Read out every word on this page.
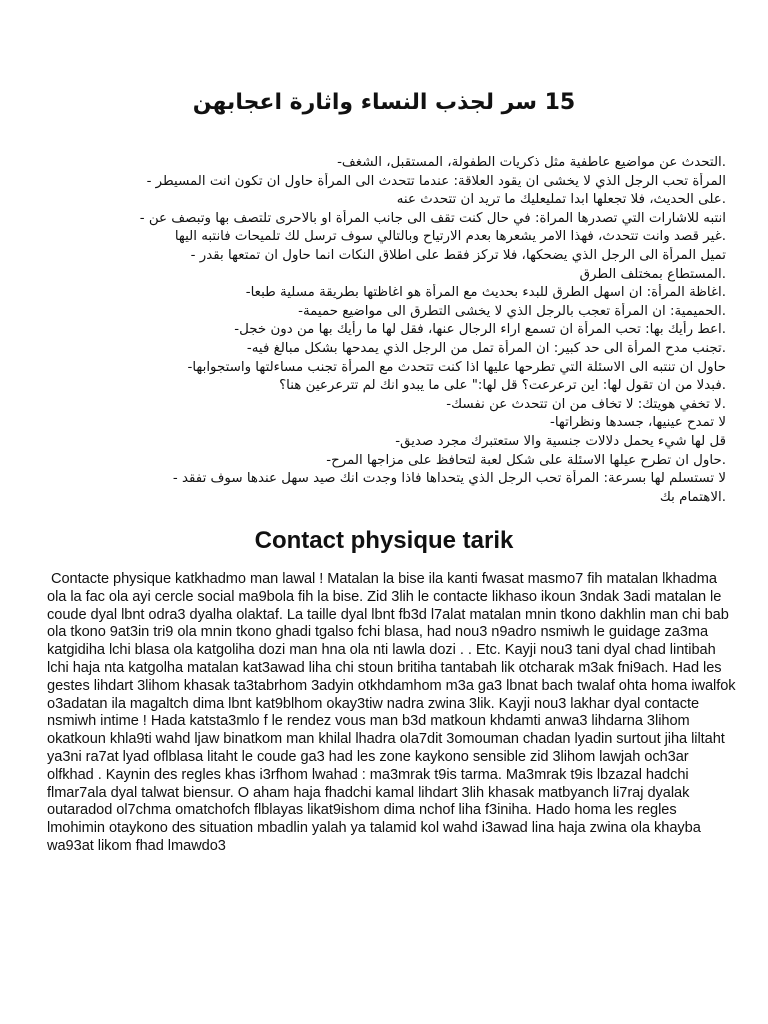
15 سر لجذب النساء واثارة اعجابهن
.التحدث عن مواضيع عاطفية مثل ذكريات الطفولة، المستقبل، الشغف-
المرأة تحب الرجل الذي لا يخشى ان يقود العلاقة: عندما تتحدث الى المرأة حاول ان تكون انت المسيطر -
.على الحديث، فلا تجعلها ابدا تمليعليك ما تريد ان تتحدث عنه
انتبه للاشارات التي تصدرها المراة: في حال كنت تقف الى جانب المرأة او بالاحرى تلتصف بها وتبصف عن -
.غير قصد وانت تتحدث، فهذا الامر يشعرها بعدم الارتياح وبالتالي سوف ترسل لك تلميحات فانتبه اليها
تميل المرأة الى الرجل الذي يضحكها، فلا تركز فقط على اطلاق النكات انما حاول ان تمتعها بقدر -
.المستطاع بمختلف الطرق
.اغاظة المرأة: ان اسهل الطرق للبدء بحديث مع المرأة هو اغاظتها بطريقة مسلية طبعا-
.الحميمية: ان المرأة تعجب بالرجل الذي لا يخشى التطرق الى مواضيع حميمة-
.اعط رأيك بها: تحب المرأة ان تسمع اراء الرجال عنها، فقل لها ما رأيك بها من دون خجل-
.تجنب مدح المرأة الى حد كبير: ان المرأة تمل من الرجل الذي يمدحها بشكل مبالغ فيه-
حاول ان تنتبه الى الاسئلة التي تطرحها عليها اذا كنت تتحدث مع المرأة تجنب مساءلتها واستجوابها-
.فبدلا من ان تقول لها: اين ترعرعت؟ قل لها:" على ما يبدو انك لم تترعرعين هنا؟
.لا تخفي هويتك: لا تخاف من ان تتحدث عن نفسك-
لا تمدح عينيها، جسدها ونظراتها-
قل لها شيء يحمل دلالات جنسية والا ستعتبرك مجرد صديق-
.حاول ان تطرح عيلها الاسئلة على شكل لعبة لتحافظ على مزاجها المرح-
لا تستسلم لها بسرعة: المرأة تحب الرجل الذي يتحداها فاذا وجدت انك صيد سهل عندها سوف تفقد -
.الاهتمام بك
Contact physique tarik

Contacte physique katkhadmo man lawal ! Matalan la bise ila kanti fwasat masmo7 fih matalan lkhadma ola la fac ola ayi cercle social ma9bola fih la bise. Zid 3lih le contacte likhaso ikoun 3ndak 3adi matalan le coude dyal lbnt odra3 dyalha olaktaf. La taille dyal lbnt fb3d l7alat matalan mnin tkono dakhlin man chi bab ola tkono 9at3in tri9 ola mnin tkono ghadi tgalso fchi blasa, had nou3 n9adro nsmiwh le guidage za3ma katgidiha lchi blasa ola katgoliha dozi man hna ola nti lawla dozi . . Etc. Kayji nou3 tani dyal chad lintibah lchi haja nta katgolha matalan kat3awad liha chi stoun britiha tantabah lik otcharak m3ak fni9ach. Had les gestes lihdart 3lihom khasak ta3tabrhom 3adyin otkhdamhom m3a ga3 lbnat bach twalaf ohta homa iwalfok o3adatan ila magaltch dima lbnt kat9blhom okay3tiw nadra zwina 3lik. Kayji nou3 lakhar dyal contacte nsmiwh intime ! Hada katsta3mlo f le rendez vous man b3d matkoun khdamti anwa3 lihdarna 3lihom okatkoun khla9ti wahd ljaw binatkom man khilal lhadra ola7dit 3omouman chadan lyadin surtout jiha liltaht ya3ni ra7at lyad oflblasa litaht le coude ga3 had les zone kaykono sensible zid 3lihom lawjah och3ar olfkhad . Kaynin des regles khas i3rfhom lwahad : ma3mrak t9is tarma. Ma3mrak t9is lbzazal hadchi flmar7ala dyal talwat biensur. O aham haja fhadchi kamal lihdart 3lih khasak matbyanch li7raj dyalak outaradod ol7chma omatchofch flblayas likat9ishom dima nchof liha f3iniha. Hado homa les regles lmohimin otaykono des situation mbadlin yalah ya talamid kol wahd i3awad lina haja zwina ola khayba wa93at likom fhad lmawdo3
